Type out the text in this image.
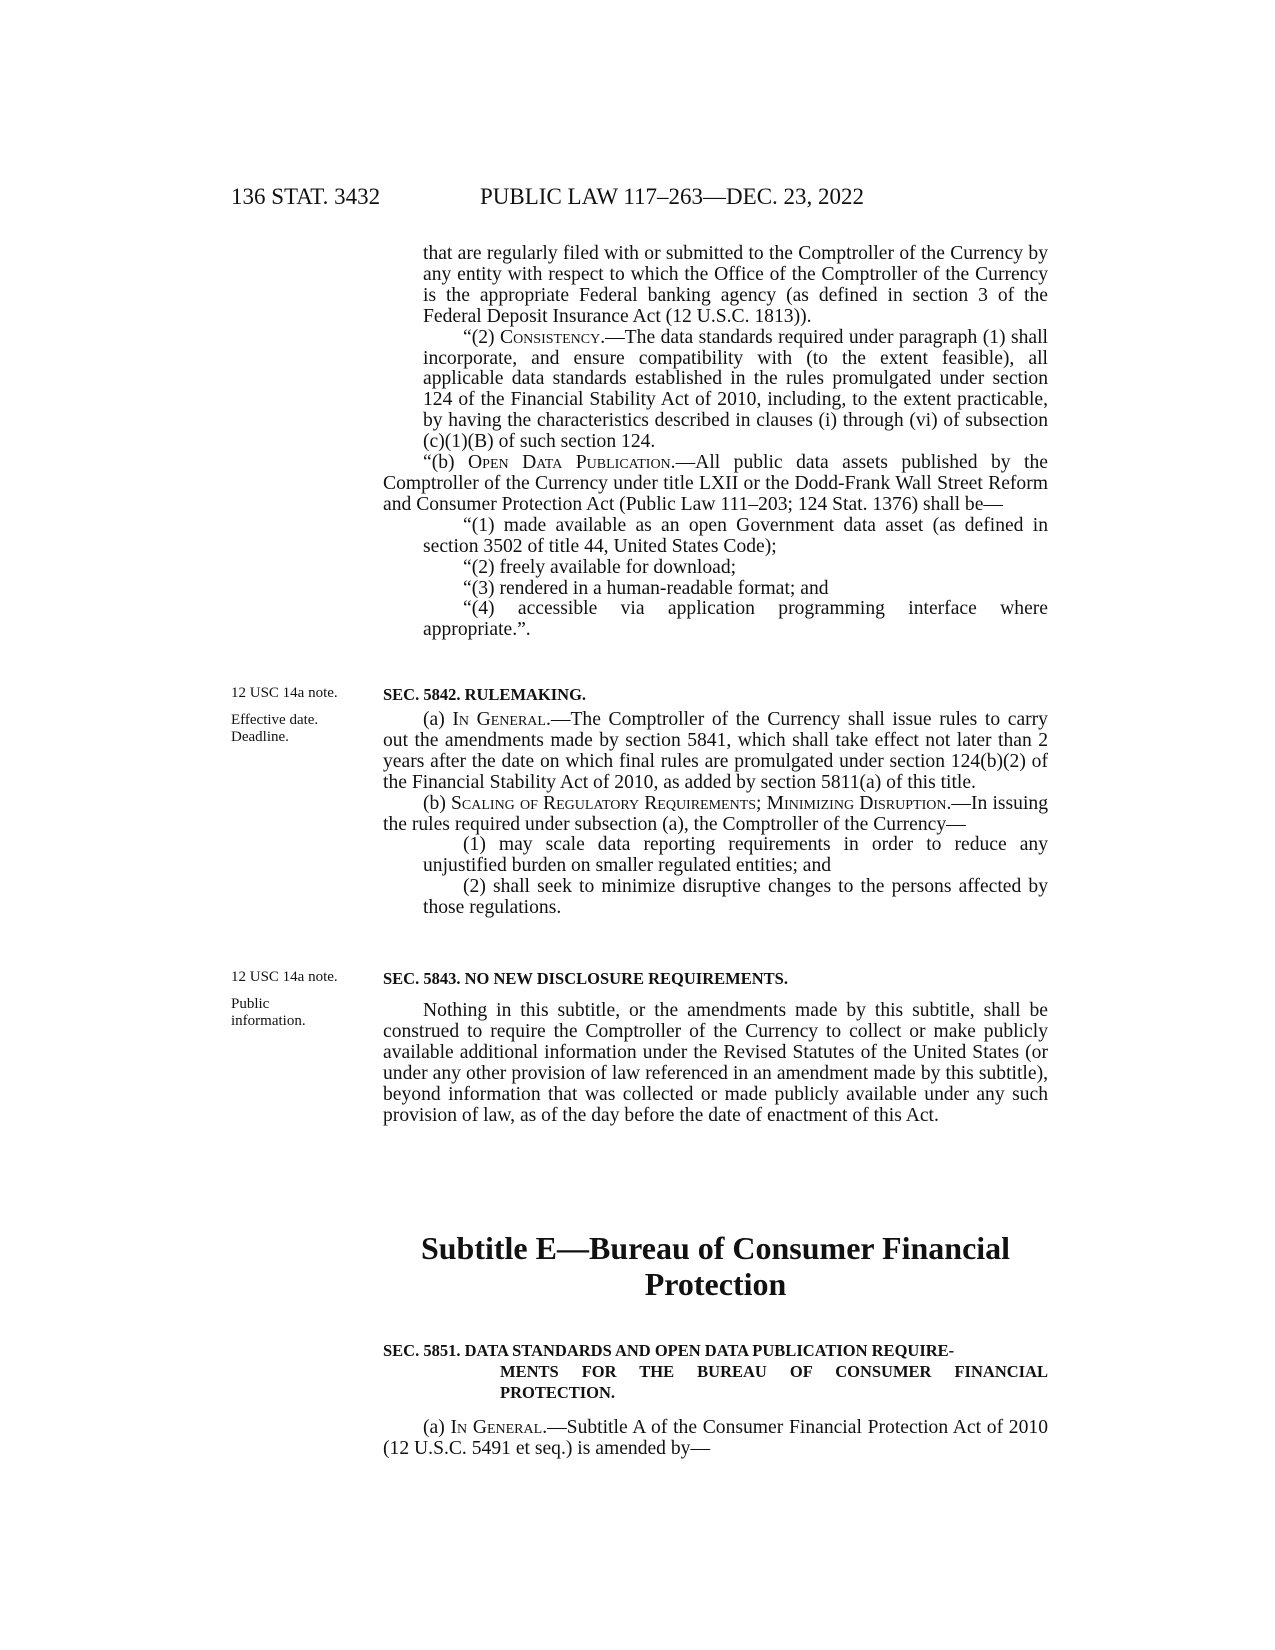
136 STAT. 3432	PUBLIC LAW 117–263—DEC. 23, 2022

that are regularly filed with or submitted to the Comptroller of the Currency by any entity with respect to which the Office of the Comptroller of the Currency is the appropriate Federal banking agency (as defined in section 3 of the Federal Deposit Insurance Act (12 U.S.C. 1813)).

“(2) Consistency.—The data standards required under paragraph (1) shall incorporate, and ensure compatibility with (to the extent feasible), all applicable data standards established in the rules promulgated under section 124 of the Financial Stability Act of 2010, including, to the extent practicable, by having the characteristics described in clauses (i) through (vi) of subsection (c)(1)(B) of such section 124.

“(b) Open Data Publication.—All public data assets published by the Comptroller of the Currency under title LXII or the Dodd-Frank Wall Street Reform and Consumer Protection Act (Public Law 111–203; 124 Stat. 1376) shall be—

“(1) made available as an open Government data asset (as defined in section 3502 of title 44, United States Code);

“(2) freely available for download;

“(3) rendered in a human-readable format; and

“(4) accessible via application programming interface where appropriate.”.

12 USC 14a note.	SEC. 5842. RULEMAKING.
Effective date.
Deadline.

(a) In General.—The Comptroller of the Currency shall issue rules to carry out the amendments made by section 5841, which shall take effect not later than 2 years after the date on which final rules are promulgated under section 124(b)(2) of the Financial Stability Act of 2010, as added by section 5811(a) of this title.

(b) Scaling of Regulatory Requirements; Minimizing Disruption.—In issuing the rules required under subsection (a), the Comptroller of the Currency—

(1) may scale data reporting requirements in order to reduce any unjustified burden on smaller regulated entities; and

(2) shall seek to minimize disruptive changes to the persons affected by those regulations.

12 USC 14a note.	SEC. 5843. NO NEW DISCLOSURE REQUIREMENTS.
Public
information.	Nothing in this subtitle, or the amendments made by this subtitle, shall be construed to require the Comptroller of the Currency to collect or make publicly available additional information under the Revised Statutes of the United States (or under any other provision of law referenced in an amendment made by this subtitle), beyond information that was collected or made publicly available under any such provision of law, as of the day before the date of enactment of this Act.

Subtitle E—Bureau of Consumer Financial
Protection
SEC. 5851. DATA STANDARDS AND OPEN DATA PUBLICATION REQUIRE-
MENTS FOR THE BUREAU OF CONSUMER FINANCIAL PROTECTION.

(a) In General.—Subtitle A of the Consumer Financial Protection Act of 2010 (12 U.S.C. 5491 et seq.) is amended by—
